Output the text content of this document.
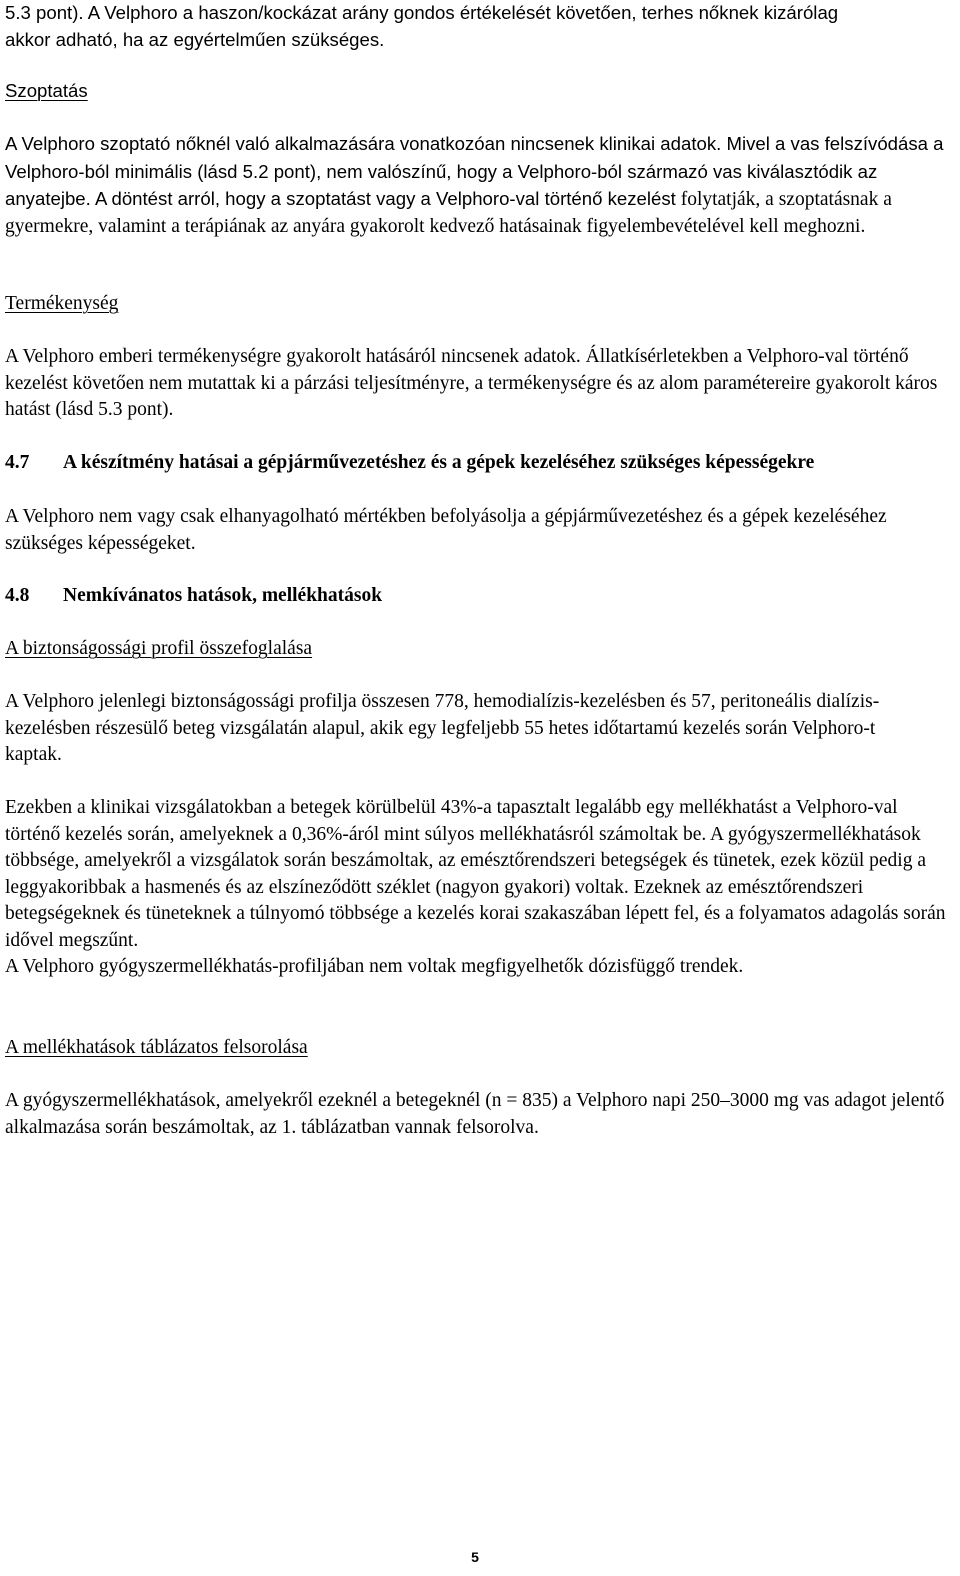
5.3 pont). A Velphoro a haszon/kockázat arány gondos értékelését követően, terhes nőknek kizárólag
akkor adható, ha az egyértelműen szükséges.
Szoptatás

A Velphoro szoptató nőknél való alkalmazására vonatkozóan nincsenek klinikai adatok. Mivel a vas felszívódása a Velphoro-ból minimális (lásd 5.2 pont), nem valószínű, hogy a Velphoro-ból származó vas kiválasztódik az anyatejbe. A döntést arról, hogy a szoptatást vagy a Velphoro-val történő kezelést folytatják, a szoptatásnak a gyermekre, valamint a terápiának az anyára gyakorolt kedvező hatásainak figyelembevételével kell meghozni.

Termékenység

A Velphoro emberi termékenységre gyakorolt hatásáról nincsenek adatok. Állatkísérletekben a Velphoro-val történő kezelést követően nem mutattak ki a párzási teljesítményre, a termékenységre és az alom paramétereire gyakorolt káros hatást (lásd 5.3 pont).

4.7	A készítmény hatásai a gépjárművezetéshez és a gépek kezeléséhez szükséges képességekre

A Velphoro nem vagy csak elhanyagolható mértékben befolyásolja a gépjárművezetéshez és a gépek kezeléséhez szükséges képességeket.

4.8	Nemkívánatos hatások, mellékhatások
A biztonságossági profil összefoglalása

A Velphoro jelenlegi biztonságossági profilja összesen 778, hemodialízis-kezelésben és 57, peritoneális dialízis-kezelésben részesülő beteg vizsgálatán alapul, akik egy legfeljebb 55 hetes időtartamú kezelés során Velphoro-t kaptak.

Ezekben a klinikai vizsgálatokban a betegek körülbelül 43%-a tapasztalt legalább egy mellékhatást a Velphoro-val történő kezelés során, amelyeknek a 0,36%-áról mint súlyos mellékhatásról számoltak be. A gyógyszermellékhatások többsége, amelyekről a vizsgálatok során beszámoltak, az emésztőrendszeri betegségek és tünetek, ezek közül pedig a leggyakoribbak a hasmenés és az elszíneződött széklet (nagyon gyakori) voltak. Ezeknek az emésztőrendszeri betegségeknek és tüneteknek a túlnyomó többsége a kezelés korai szakaszában lépett fel, és a folyamatos adagolás során idővel megszűnt.

A Velphoro gyógyszermellékhatás-profiljában nem voltak megfigyelhetők dózisfüggő trendek.

A mellékhatások táblázatos felsorolása

A gyógyszermellékhatások, amelyekről ezeknél a betegeknél (n = 835) a Velphoro napi 250–3000 mg vas adagot jelentő alkalmazása során beszámoltak, az 1. táblázatban vannak felsorolva.

5
